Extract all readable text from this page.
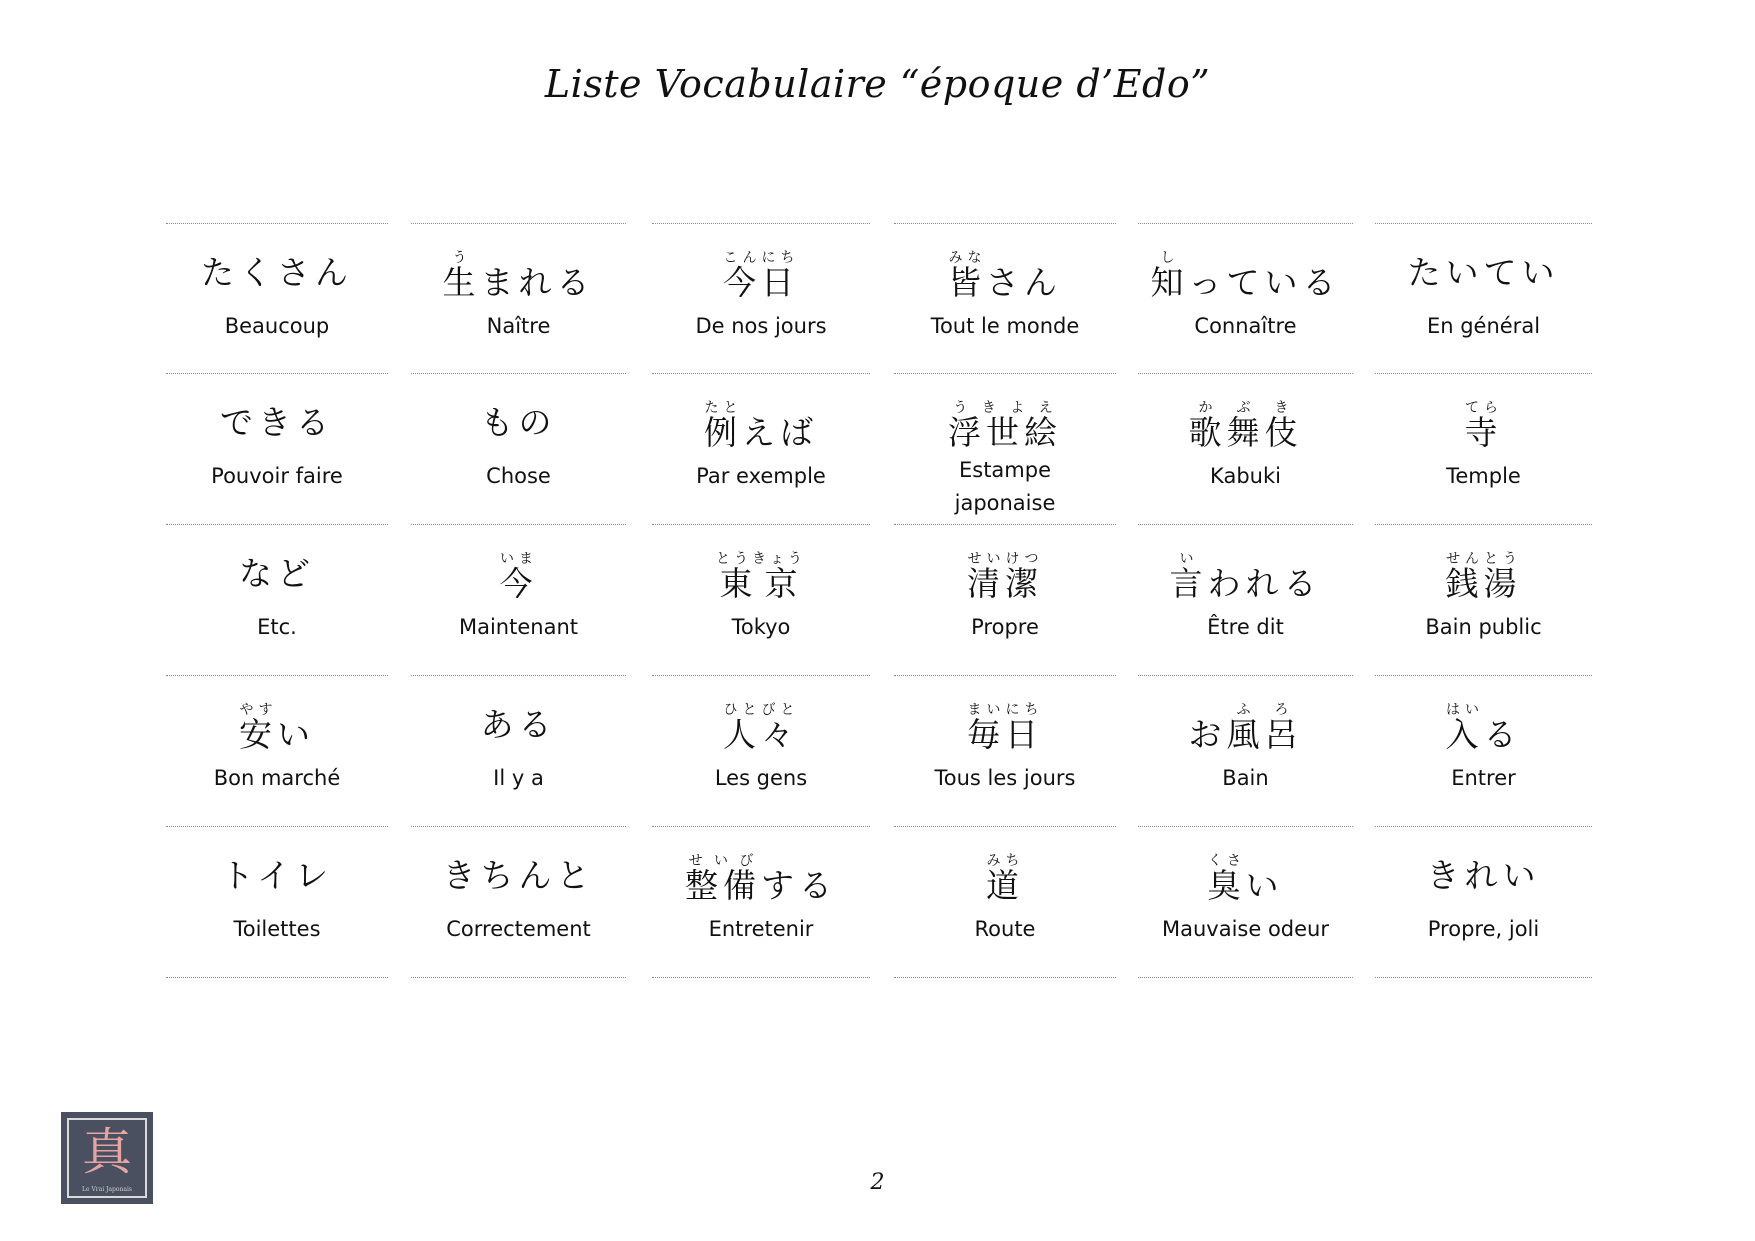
Liste Vocabulaire “époque d’Edo”
たくさん
Beaucoup
生うまれる
Naître
今日こんにち
De nos jours
皆みなさん
Tout le monde
知しっている
Connaître
たいてい
En général
できる
Pouvoir faire
もの
Chose
例たとえば
Par exemple
浮世絵うきよえ
Estampe japonaise
歌舞伎かぶき
Kabuki
寺てら
Temple
など
Etc.
今いま
Maintenant
東京とうきょう
Tokyo
清潔せいけつ
Propre
言いわれる
Être dit
銭湯せんとう
Bain public
安やすい
Bon marché
ある
Il y a
人々ひとびと
Les gens
毎日まいにち
Tous les jours
お風呂ふろ
Bain
入はいる
Entrer
トイレ
Toilettes
きちんと
Correctement
整備せいびする
Entretenir
道みち
Route
臭くさい
Mauvaise odeur
きれい
Propre, joli
真
Le Vrai Japonais	2
